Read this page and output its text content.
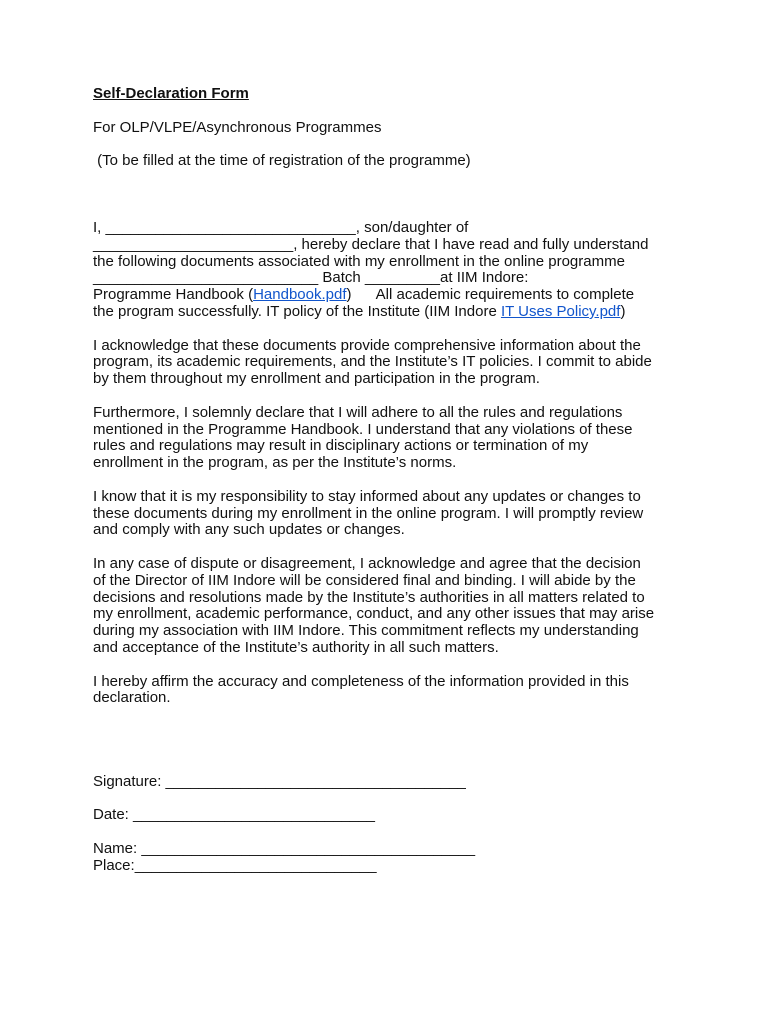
Self-Declaration Form
For OLP/VLPE/Asynchronous Programmes
(To be filled at the time of registration of the programme)
I, ______________________________, son/daughter of
________________________, hereby declare that I have read and fully understand
the following documents associated with my enrollment in the online programme
___________________________ Batch _________at IIM Indore:
Programme Handbook (Handbook.pdf)      All academic requirements to complete
the program successfully. IT policy of the Institute (IIM Indore IT Uses Policy.pdf)
I acknowledge that these documents provide comprehensive information about the
program, its academic requirements, and the Institute’s IT policies. I commit to abide
by them throughout my enrollment and participation in the program.
Furthermore, I solemnly declare that I will adhere to all the rules and regulations
mentioned in the Programme Handbook. I understand that any violations of these
rules and regulations may result in disciplinary actions or termination of my
enrollment in the program, as per the Institute’s norms.
I know that it is my responsibility to stay informed about any updates or changes to
these documents during my enrollment in the online program. I will promptly review
and comply with any such updates or changes.
In any case of dispute or disagreement, I acknowledge and agree that the decision
of the Director of IIM Indore will be considered final and binding. I will abide by the
decisions and resolutions made by the Institute’s authorities in all matters related to
my enrollment, academic performance, conduct, and any other issues that may arise
during my association with IIM Indore. This commitment reflects my understanding
and acceptance of the Institute’s authority in all such matters.
I hereby affirm the accuracy and completeness of the information provided in this
declaration.
Signature: ____________________________________
Date: _____________________________
Name: ________________________________________
Place:_____________________________
